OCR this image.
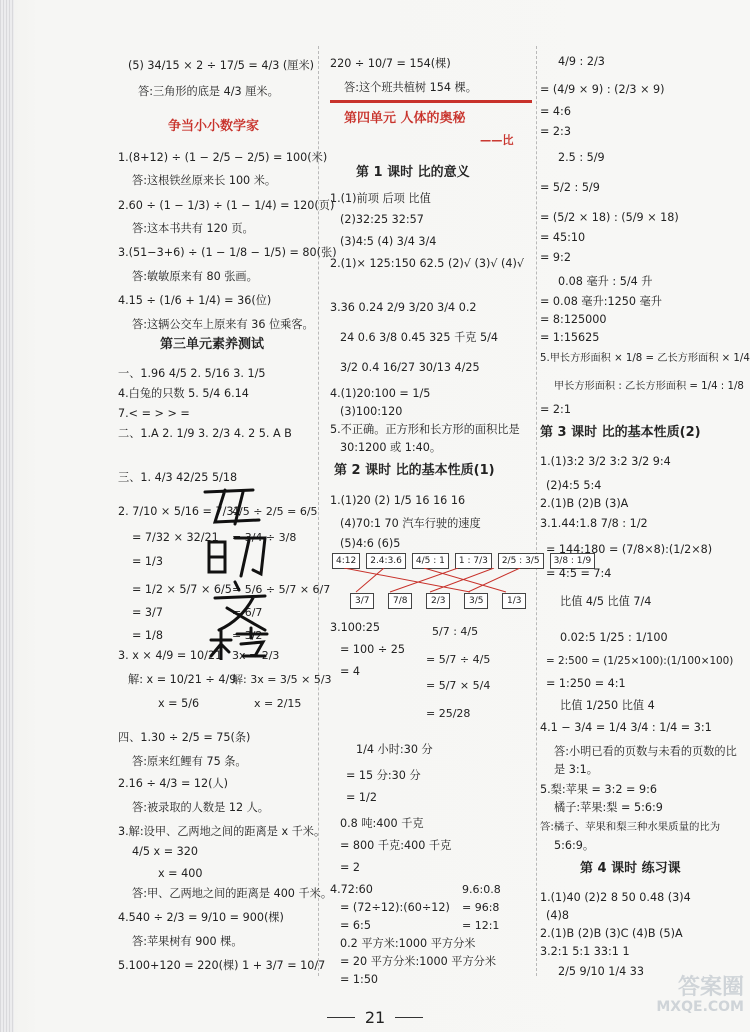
(5) 34/15 × 2 ÷ 17/5 = 4/3 (厘米)
答:三角形的底是 4/3 厘米。
争当小小数学家
1.(8+12) ÷ (1 − 2/5 − 2/5) = 100(米)
答:这根铁丝原来长 100 米。
2.60 ÷ (1 − 1/3) ÷ (1 − 1/4) = 120(页)
答:这本书共有 120 页。
3.(51−3+6) ÷ (1 − 1/8 − 1/5) = 80(张)
答:敏敏原来有 80 张画。
4.15 ÷ (1/6 + 1/4) = 36(位)
答:这辆公交车上原来有 36 位乘客。
第三单元素养测试
一、1.96 4/5 2. 5/16 3. 1/5
4.白兔的只数 5. 5/4 6.14
7.< = > > =
二、1.A 2. 1/9 3. 2/3 4. 2 5. A B
三、1. 4/3 42/25 5/18
2. 7/10 × 5/16 = 7/32
= 7/32 × 32/21
= 1/3
= 1/2 × 5/7 × 6/5
= 3/7
= 1/8
3. x × 4/9 = 10/21
解: x = 10/21 ÷ 4/9
x = 5/6
四、1.30 ÷ 2/5 = 75(条)
答:原来红鲤有 75 条。
2.16 ÷ 4/3 = 12(人)
答:被录取的人数是 12 人。
3.解:设甲、乙两地之间的距离是 x 千米。
4/5 x = 320
x = 400
答:甲、乙两地之间的距离是 400 千米。
4.540 ÷ 2/3 = 9/10 = 900(棵)
答:苹果树有 900 棵。
5.100+120 = 220(棵) 1 + 3/7 = 10/7
4/5 ÷ 2/5 = 6/5
= 3/4 ÷ 3/8
= 5/6 ÷ 5/7 × 6/7
= 6/7
= 3/2
3x = 2/3
解: 3x = 3/5 × 5/3
x = 2/15
220 ÷ 10/7 = 154(棵)
答:这个班共植树 154 棵。
第四单元 人体的奥秘
——比
第 1 课时 比的意义
1.(1)前项 后项 比值
(2)32:25 32:57
(3)4:5 (4) 3/4 3/4
2.(1)× 125:150 62.5 (2)√ (3)√ (4)√
3.36 0.24 2/9 3/20 3/4 0.2
24 0.6 3/8 0.45 325 千克 5/4
3/2 0.4 16/27 30/13 4/25
4.(1)20:100 = 1/5
(3)100:120
5.不正确。正方形和长方形的面积比是
30:1200 或 1:40。
第 2 课时 比的基本性质(1)
1.(1)20 (2) 1/5 16 16 16
(4)70:1 70 汽车行驶的速度
(5)4:6 (6)5
3.100:25
= 100 ÷ 25
= 4
1/4 小时:30 分
= 15 分:30 分
= 1/2
0.8 吨:400 千克
= 800 千克:400 千克
= 2
4.72:60
= (72÷12):(60÷12)
= 6:5
0.2 平方米:1000 平方分米
= 20 平方分米:1000 平方分米
= 1:50
5/7 : 4/5
= 5/7 ÷ 4/5
= 5/7 × 5/4
= 25/28
9.6:0.8
= 96:8
= 12:1
4:12	2.4:3.6	4/5 : 1	1 : 7/3	2/5 : 3/5	3/8 : 1/9
3/7	7/8	2/3	3/5	1/3
4/9 : 2/3
= (4/9 × 9) : (2/3 × 9)
= 4:6
= 2:3
2.5 : 5/9
= 5/2 : 5/9
= (5/2 × 18) : (5/9 × 18)
= 45:10
= 9:2
0.08 毫升 : 5/4 升
= 0.08 毫升:1250 毫升
= 8:125000
= 1:15625
5.甲长方形面积 × 1/8 = 乙长方形面积 × 1/4
甲长方形面积 : 乙长方形面积 = 1/4 : 1/8
= 2:1
第 3 课时 比的基本性质(2)
1.(1)3:2 3/2 3:2 3/2 9:4
(2)4:5 5:4
2.(1)B (2)B (3)A
3.1.44:1.8 7/8 : 1/2
= 144:180 = (7/8×8):(1/2×8)
= 4:5 = 7:4
比值 4/5 比值 7/4
0.02:5 1/25 : 1/100
= 2:500 = (1/25×100):(1/100×100)
= 1:250 = 4:1
比值 1/250 比值 4
4.1 − 3/4 = 1/4 3/4 : 1/4 = 3:1
答:小明已看的页数与未看的页数的比
是 3:1。
5.梨:苹果 = 3:2 = 9:6
橘子:苹果:梨 = 5:6:9
答:橘子、苹果和梨三种水果质量的比为
5:6:9。
第 4 课时 练习课
1.(1)40 (2)2 8 50 0.48 (3)4
(4)8
2.(1)B (2)B (3)C (4)B (5)A
3.2:1 5:1 33:1 1
2/5 9/10 1/4 33
21
答案圈
MXQE.COM
